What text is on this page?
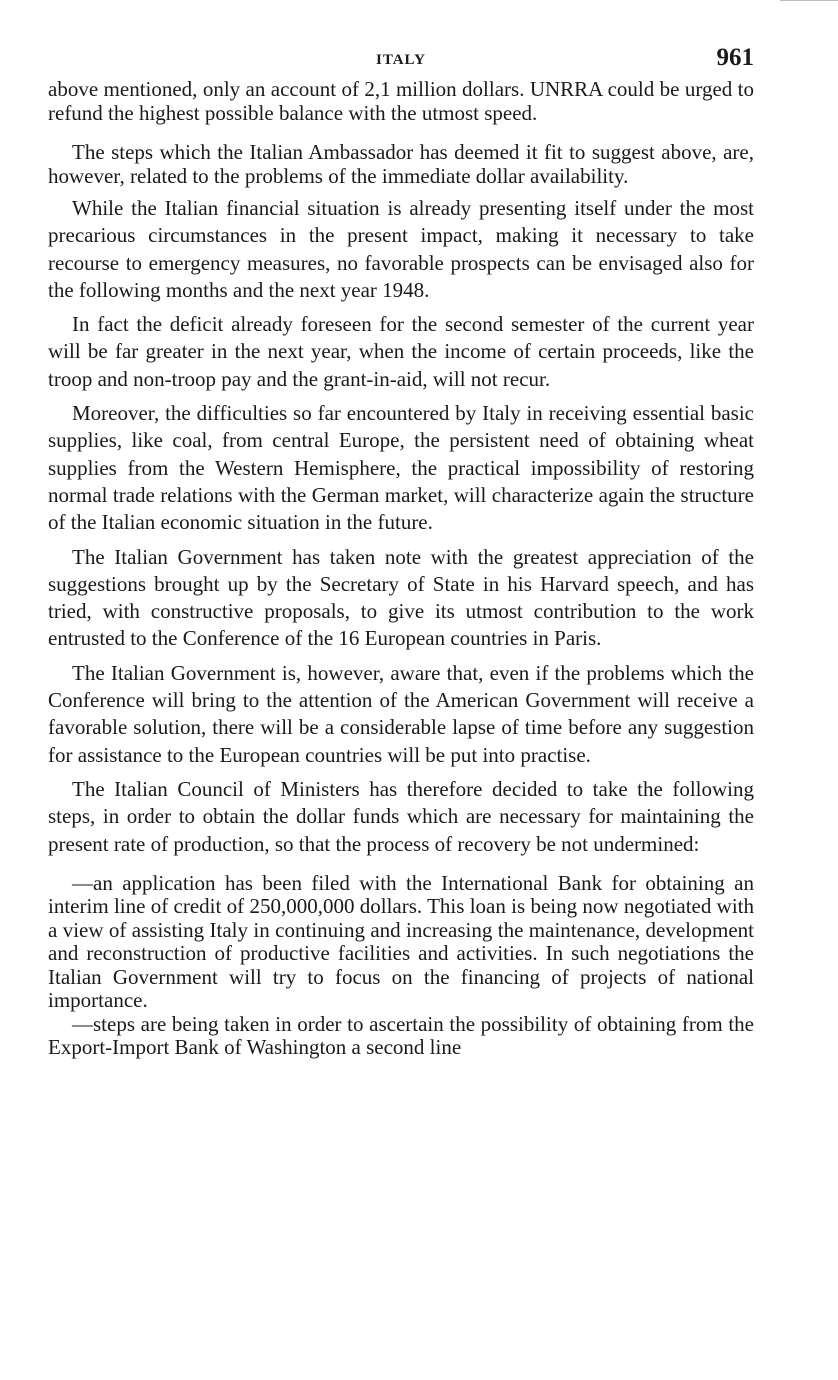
ITALY	961

above mentioned, only an account of 2,1 million dollars. UNRRA could be urged to refund the highest possible balance with the utmost speed.

The steps which the Italian Ambassador has deemed it fit to suggest above, are, however, related to the problems of the immediate dollar availability.

While the Italian financial situation is already presenting itself under the most precarious circumstances in the present impact, making it necessary to take recourse to emergency measures, no favorable prospects can be envisaged also for the following months and the next year 1948.

In fact the deficit already foreseen for the second semester of the current year will be far greater in the next year, when the income of certain proceeds, like the troop and non-troop pay and the grant-in-aid, will not recur.

Moreover, the difficulties so far encountered by Italy in receiving essential basic supplies, like coal, from central Europe, the persistent need of obtaining wheat supplies from the Western Hemisphere, the practical impossibility of restoring normal trade relations with the German market, will characterize again the structure of the Italian economic situation in the future.

The Italian Government has taken note with the greatest appreciation of the suggestions brought up by the Secretary of State in his Harvard speech, and has tried, with constructive proposals, to give its utmost contribution to the work entrusted to the Conference of the 16 European countries in Paris.

The Italian Government is, however, aware that, even if the problems which the Conference will bring to the attention of the American Government will receive a favorable solution, there will be a considerable lapse of time before any suggestion for assistance to the European countries will be put into practise.

The Italian Council of Ministers has therefore decided to take the following steps, in order to obtain the dollar funds which are necessary for maintaining the present rate of production, so that the process of recovery be not undermined:

—an application has been filed with the International Bank for obtaining an interim line of credit of 250,000,000 dollars. This loan is being now negotiated with a view of assisting Italy in continuing and increasing the maintenance, development and reconstruction of productive facilities and activities. In such negotiations the Italian Government will try to focus on the financing of projects of national importance.

—steps are being taken in order to ascertain the possibility of obtaining from the Export-Import Bank of Washington a second line
